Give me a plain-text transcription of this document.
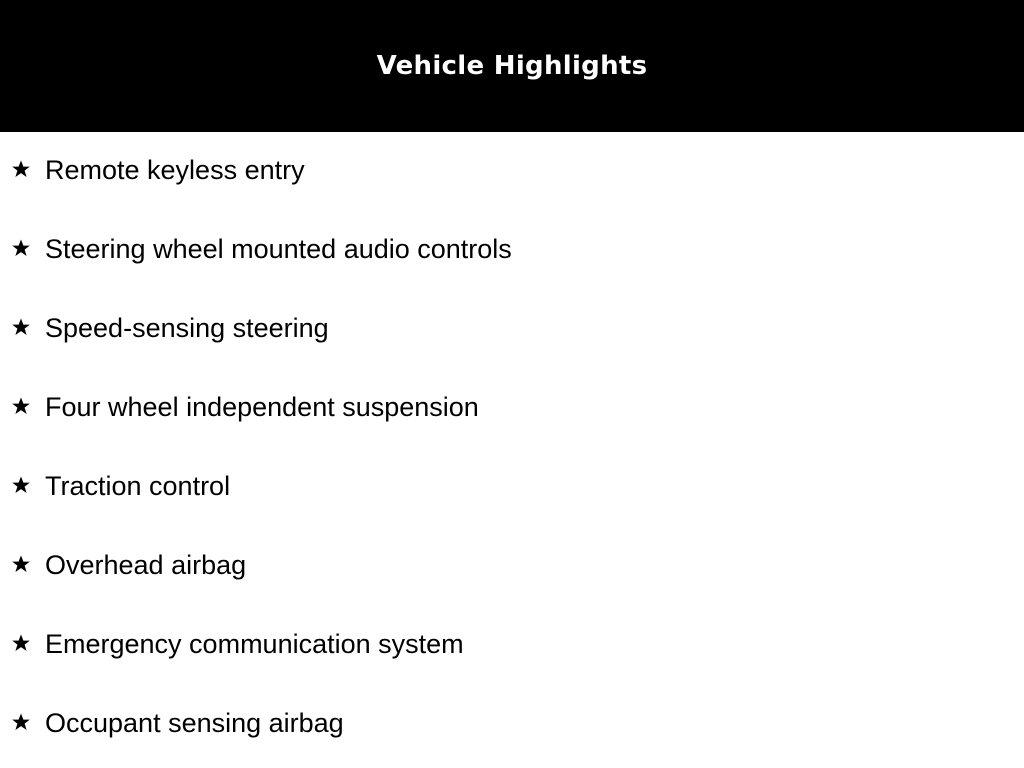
Vehicle Highlights
Remote keyless entry
Steering wheel mounted audio controls
Speed-sensing steering
Four wheel independent suspension
Traction control
Overhead airbag
Emergency communication system
Occupant sensing airbag
